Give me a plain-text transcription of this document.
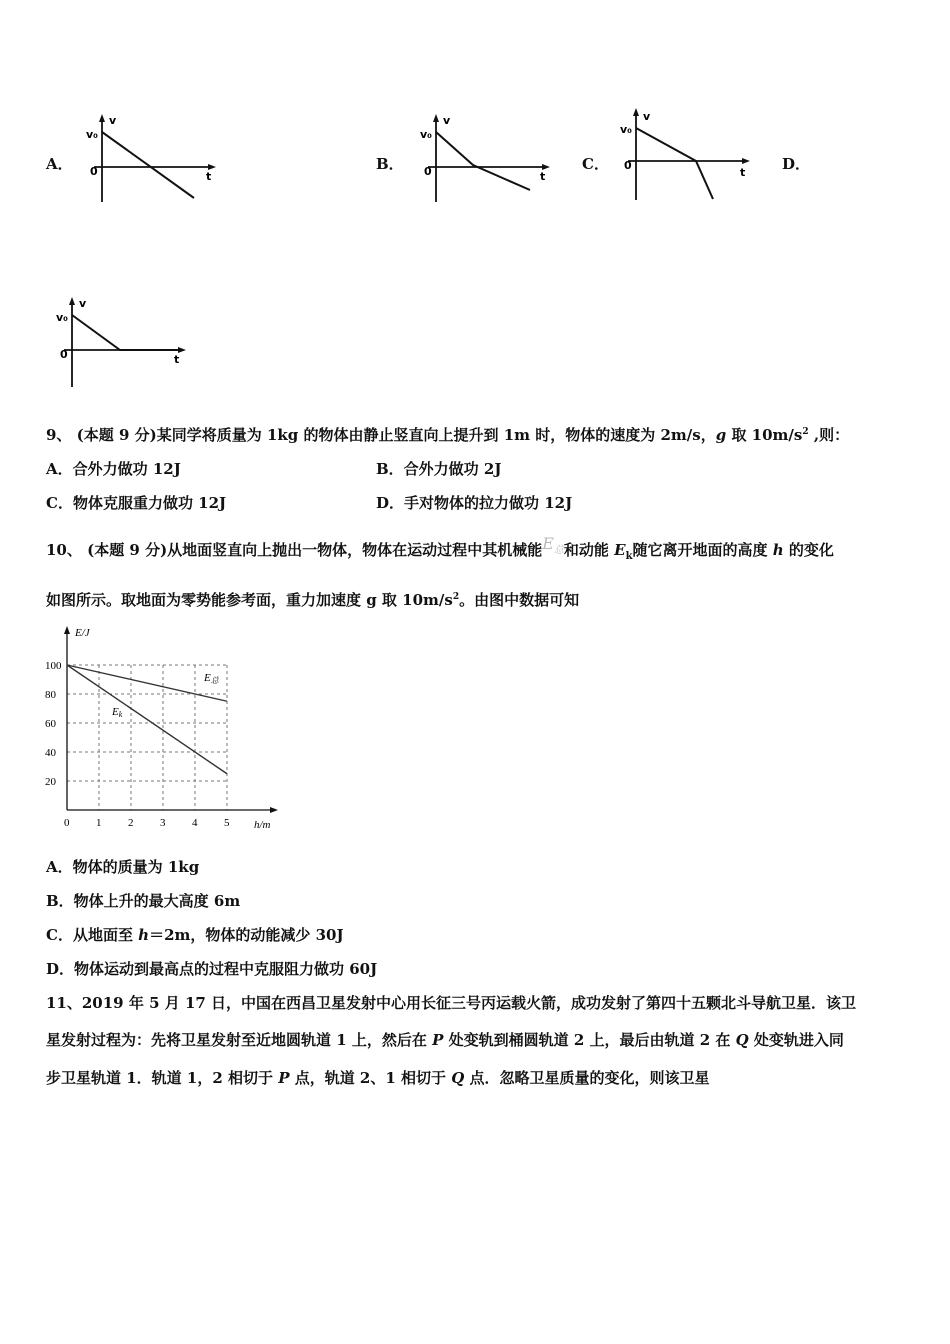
A．
v
v₀
0	t
B．
v
v₀
0	t
C．
v
v₀
0
t D．
v
v₀
0	t
9、 (本题 9 分)某同学将质量为 1kg 的物体由静止竖直向上提升到 1m 时，物体的速度为 2m/s，g 取 $10m/s^2$ ,则：
A．合外力做功 12J	B．合外力做功 2J
C．物体克服重力做功 12J	D．手对物体的拉力做功 12J
10、 (本题 9 分)从地面竖直向上抛出一物体，物体在运动过程中其机械能$E_总$和动能 $E_k$随它离开地面的高度 h 的变化
如图所示。取地面为零势能参考面，重力加速度 g 取 $10m/s^2$。由图中数据可知
E/J
h/m
0 1 2 3 4 5
20
40
60
80
100
E总
Ek
A．物体的质量为 1kg
B．物体上升的最大高度 6m
C．从地面至 h＝2m，物体的动能减少 30J
D．物体运动到最高点的过程中克服阻力做功 60J
11、2019 年 5 月 17 日，中国在西昌卫星发射中心用长征三号丙运载火箭，成功发射了第四十五颗北斗导航卫星．该卫
星发射过程为：先将卫星发射至近地圆轨道 1 上，然后在 P 处变轨到桶圆轨道 2 上，最后由轨道 2 在 Q 处变轨进入同
步卫星轨道 1．轨道 1，2 相切于 P 点，轨道 2、1 相切于 Q 点．忽略卫星质量的变化，则该卫星
